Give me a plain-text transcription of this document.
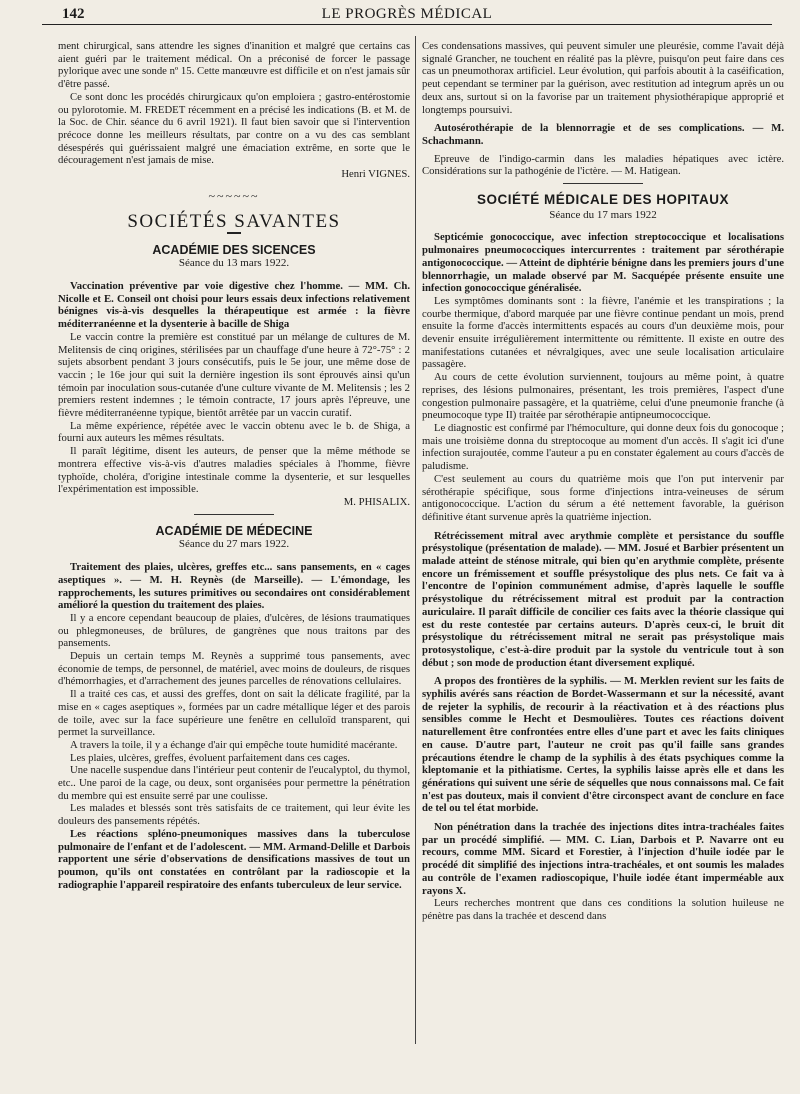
142	LE PROGRÈS MÉDICAL

ment chirurgical, sans attendre les signes d'inanition et malgré que certains cas aient guéri par le traitement médical. On a préconisé de forcer le passage pylorique avec une sonde nº 15. Cette manœuvre est difficile et on n'est jamais sûr d'être passé.

Ce sont donc les procédés chirurgicaux qu'on emploiera ; gastro-entérostomie ou pylorotomie. M. FREDET récemment en a précisé les indications (B. et M. de la Soc. de Chir. séance du 6 avril 1921). Il faut bien savoir que si l'intervention précoce donne les meilleurs résultats, par contre on a vu des cas semblant désespérés qui guérissaient malgré une émaciation extrême, en sorte que le découragement n'est jamais de mise.

Henri VIGNES.
~~~~~~
SOCIÉTÉS SAVANTES
ACADÉMIE DES SICENCES
Séance du 13 mars 1922.

Vaccination préventive par voie digestive chez l'homme. — MM. Ch. Nicolle et E. Conseil ont choisi pour leurs essais deux infections relativement bénignes vis-à-vis desquelles la thérapeutique est armée : la fièvre méditerranéenne et la dysenterie à bacille de Shiga

Le vaccin contre la première est constitué par un mélange de cultures de M. Melitensis de cinq origines, stérilisées par un chauffage d'une heure à 72°-75° : 2 sujets absorbent pendant 3 jours consécutifs, puis le 5e jour, une même dose de vaccin ; le 16e jour qui suit la dernière ingestion ils sont éprouvés ainsi qu'un témoin par inoculation sous-cutanée d'une culture vivante de M. Melitensis ; les 2 premiers restent indemnes ; le témoin contracte, 17 jours après l'épreuve, une fièvre méditerranéenne typique, bientôt arrêtée par un vaccin curatif.

La même expérience, répétée avec le vaccin obtenu avec le b. de Shiga, a fourni aux auteurs les mêmes résultats.

Il paraît légitime, disent les auteurs, de penser que la même méthode se montrera effective vis-à-vis d'autres maladies spéciales à l'homme, fièvre typhoïde, choléra, d'origine intestinale comme la dysenterie, et sur lesquelles l'expérimentation est impossible.

M. PHISALIX.
ACADÉMIE DE MÉDECINE
Séance du 27 mars 1922.

Traitement des plaies, ulcères, greffes etc... sans pansements, en « cages aseptiques ». — M. H. Reynès (de Marseille). — L'émondage, les rapprochements, les sutures primitives ou secondaires ont considérablement amélioré la question du traitement des plaies.

Il y a encore cependant beaucoup de plaies, d'ulcères, de lésions traumatiques ou phlegmoneuses, de brûlures, de gangrènes que nous traitons par des pansements.

Depuis un certain temps M. Reynès a supprimé tous pansements, avec économie de temps, de personnel, de matériel, avec moins de douleurs, de risques d'hémorrhagies, et d'arrachement des jeunes parcelles de rénovations cellulaires.

Il a traité ces cas, et aussi des greffes, dont on sait la délicate fragilité, par la mise en « cages aseptiques », formées par un cadre métallique léger et des parois de toile, avec sur la face supérieure une fenêtre en celluloïd transparent, qui permet la surveillance.

A travers la toile, il y a échange d'air qui empêche toute humidité macérante.

Les plaies, ulcères, greffes, évoluent parfaitement dans ces cages.

Une nacelle suspendue dans l'intérieur peut contenir de l'eucalyptol, du thymol, etc.. Une paroi de la cage, ou deux, sont organisées pour permettre la pénétration du membre qui est ensuite serré par une coulisse.

Les malades et blessés sont très satisfaits de ce traitement, qui leur évite les douleurs des pansements répétés.

Les réactions spléno-pneumoniques massives dans la tuberculose pulmonaire de l'enfant et de l'adolescent. — MM. Armand-Delille et Darbois rapportent une série d'observations de densifications massives de tout un poumon, qu'ils ont constatées en contrôlant par la radioscopie et la radiographie l'appareil respiratoire des enfants tuberculeux de leur service.

Ces condensations massives, qui peuvent simuler une pleurésie, comme l'avait déjà signalé Grancher, ne touchent en réalité pas la plèvre, puisqu'on peut faire dans ces cas un pneumothorax artificiel. Leur évolution, qui parfois aboutit à la caséification, peut cependant se terminer par la guérison, avec restitution ad integrum après un ou deux ans, surtout si on la favorise par un traitement physiothérapique approprié et longtemps poursuivi.

Autosérothérapie de la blennorragie et de ses complications. — M. Schachmann.

Epreuve de l'indigo-carmin dans les maladies hépatiques avec ictère. Considérations sur la pathogénie de l'ictère. — M. Hatigean.

SOCIÉTÉ MÉDICALE DES HOPITAUX
Séance du 17 mars 1922

Septicémie gonococcique, avec infection streptococcique et localisations pulmonaires pneumococciques intercurrentes : traitement par sérothérapie antigonococcique. — Atteint de diphtérie bénigne dans les premiers jours d'une blennorrhagie, un malade observé par M. Sacquépée présente ensuite une infection gonococcique généralisée.

Les symptômes dominants sont : la fièvre, l'anémie et les transpirations ; la courbe thermique, d'abord marquée par une fièvre continue pendant un mois, prend ensuite la forme d'accès intermittents espacés au cours d'un deuxième mois, pour devenir ensuite irrégulièrement intermittente ou rémittente. Il existe en outre des manifestations cutanées et névralgiques, avec une seule localisation articulaire passagère.

Au cours de cette évolution surviennent, toujours au même point, à quatre reprises, des lésions pulmonaires, présentant, les trois premières, l'aspect d'une congestion pulmonaire passagère, et la quatrième, celui d'une pneumonie franche (à pneumocoque type II) traitée par sérothérapie antipneumococcique.

Le diagnostic est confirmé par l'hémoculture, qui donne deux fois du gonocoque ; mais une troisième donna du streptocoque au moment d'un accès. Il s'agit ici d'une infection surajoutée, comme l'auteur a pu en constater également au cours d'accès de paludisme.

C'est seulement au cours du quatrième mois que l'on put intervenir par sérothérapie spécifique, sous forme d'injections intra-veineuses de sérum antigonococcique. L'action du sérum a été nettement favorable, la guérison définitive étant survenue après la quatrième injection.

Rétrécissement mitral avec arythmie complète et persistance du souffle présystolique (présentation de malade). — MM. Josué et Barbier présentent un malade atteint de sténose mitrale, qui bien qu'en arythmie complète, présente encore un frémissement et souffle présystolique des plus nets. Ce fait va à l'encontre de l'opinion communément admise, d'après laquelle le souffle présystolique du rétrécissement mitral est produit par la contraction auriculaire. Il paraît difficile de concilier ces faits avec la théorie classique qui est du reste contestée par certains auteurs. D'après ceux-ci, le bruit dit présystolique du rétrécissement mitral ne serait pas présystolique mais protosystolique, c'est-à-dire produit par la systole du ventricule tout à son début ; son mode de production étant diversement expliqué.

A propos des frontières de la syphilis. — M. Merklen revient sur les faits de syphilis avérés sans réaction de Bordet-Wassermann et sur la nécessité, avant de rejeter la syphilis, de recourir à la réactivation et à des réactions plus sensibles comme le Hecht et Desmoulières. Toutes ces réactions doivent naturellement être confrontées entre elles d'une part et avec les faits cliniques en cause. D'autre part, l'auteur ne croit pas qu'il faille sans grandes précautions étendre le champ de la syphilis à des états psychiques comme la kleptomanie et la pithiatisme. Certes, la syphilis laisse après elle et dans les générations qui suivent une série de séquelles que nous connaissons mal. Ce fait n'est pas douteux, mais il convient d'être circonspect avant de conclure en face de tel ou tel état morbide.

Non pénétration dans la trachée des injections dites intra-trachéales faites par un procédé simplifié. — MM. C. Lian, Darbois et P. Navarre ont eu recours, comme MM. Sicard et Forestier, à l'injection d'huile iodée par le procédé dit simplifié des injections intra-trachéales, et ont soumis les malades au contrôle de l'examen radioscopique, l'huile iodée étant imperméable aux rayons X.

Leurs recherches montrent que dans ces conditions la solution huileuse ne pénètre pas dans la trachée et descend dans
